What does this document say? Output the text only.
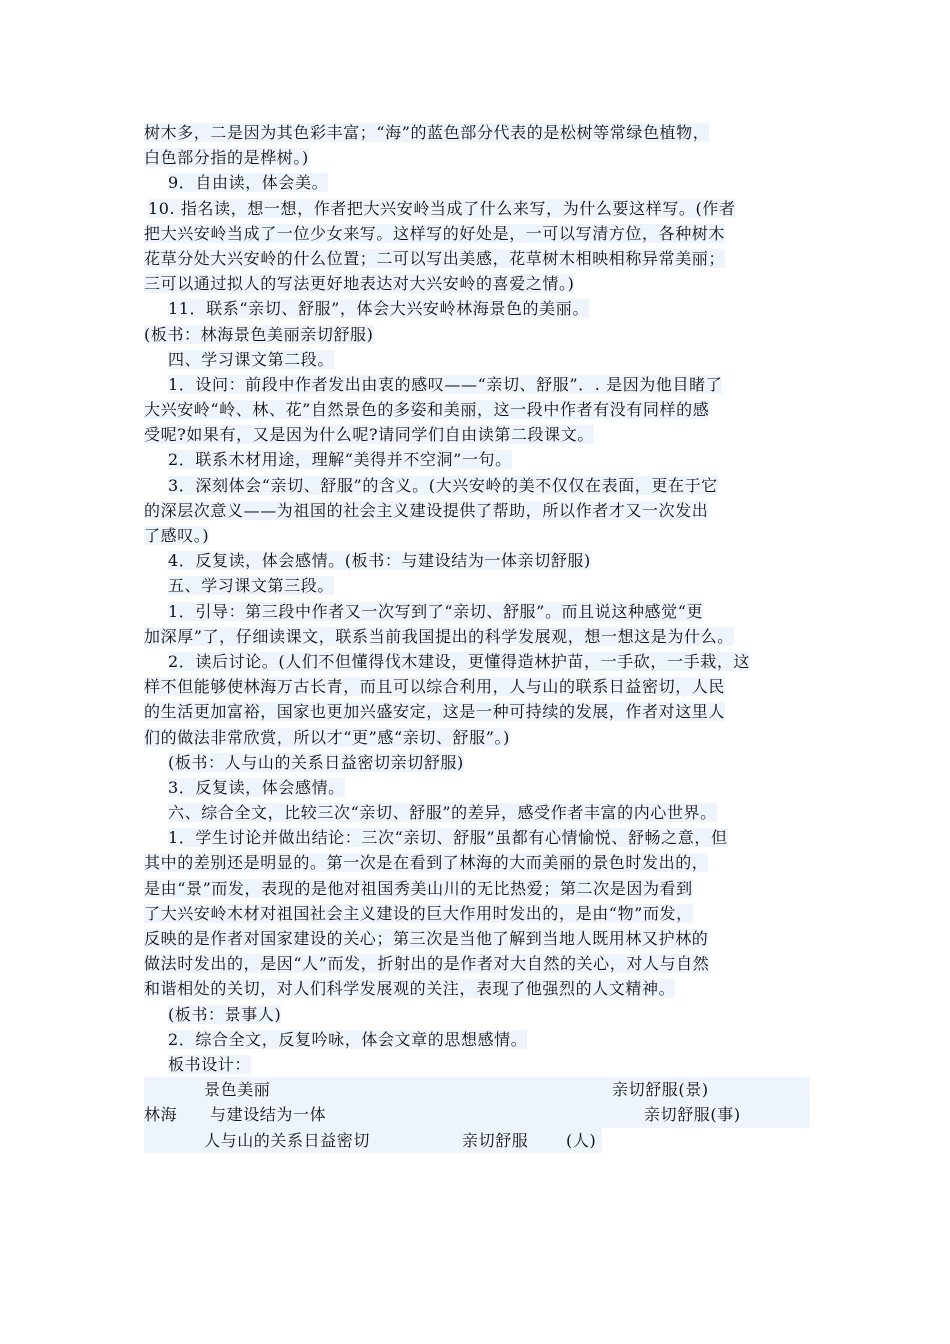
树木多，二是因为其色彩丰富；“海”的蓝色部分代表的是松树等常绿色植物，
白色部分指的是桦树。)
9．自由读，体会美。
10. 指名读，想一想，作者把大兴安岭当成了什么来写，为什么要这样写。(作者
把大兴安岭当成了一位少女来写。这样写的好处是，一可以写清方位，各种树木
花草分处大兴安岭的什么位置；二可以写出美感，花草树木相映相称异常美丽；
三可以通过拟人的写法更好地表达对大兴安岭的喜爱之情。)
11．联系“亲切、舒服”，体会大兴安岭林海景色的美丽。
(板书：林海景色美丽亲切舒服)
四、学习课文第二段。
1．设问：前段中作者发出由衷的感叹——“亲切、舒服”．. 是因为他目睹了
大兴安岭“岭、林、花”自然景色的多姿和美丽，这一段中作者有没有同样的感
受呢?如果有，又是因为什么呢?请同学们自由读第二段课文。
2．联系木材用途，理解“美得并不空洞”一句。
3．深刻体会“亲切、舒服”的含义。(大兴安岭的美不仅仅在表面，更在于它
的深层次意义——为祖国的社会主义建设提供了帮助，所以作者才又一次发出
了感叹。)
4．反复读，体会感情。(板书：与建设结为一体亲切舒服)
五、学习课文第三段。
1．引导：第三段中作者又一次写到了“亲切、舒服”。而且说这种感觉“更
加深厚”了，仔细读课文，联系当前我国提出的科学发展观，想一想这是为什么。
2．读后讨论。(人们不但懂得伐木建设，更懂得造林护苗，一手砍，一手栽，这
样不但能够使林海万古长青，而且可以综合利用，人与山的联系日益密切，人民
的生活更加富裕，国家也更加兴盛安定，这是一种可持续的发展，作者对这里人
们的做法非常欣赏，所以才“更”感“亲切、舒服”。)
(板书：人与山的关系日益密切亲切舒服)
3．反复读，体会感情。
六、综合全文，比较三次“亲切、舒服”的差异，感受作者丰富的内心世界。
1．学生讨论并做出结论：三次“亲切、舒服”虽都有心情愉悦、舒畅之意，但
其中的差别还是明显的。第一次是在看到了林海的大而美丽的景色时发出的，
是由“景”而发，表现的是他对祖国秀美山川的无比热爱；第二次是因为看到
了大兴安岭木材对祖国社会主义建设的巨大作用时发出的，是由“物”而发，
反映的是作者对国家建设的关心；第三次是当他了解到当地人既用林又护林的
做法时发出的，是因“人”而发，折射出的是作者对大自然的关心，对人与自然
和谐相处的关切，对人们科学发展观的关注，表现了他强烈的人文精神。
(板书：景事人)
2．综合全文，反复吟咏，体会文章的思想感情。
板书设计：
景色美丽	亲切舒服(景)
林海 与建设结为一体	亲切舒服(事)
人与山的关系日益密切	亲切舒服 (人)
